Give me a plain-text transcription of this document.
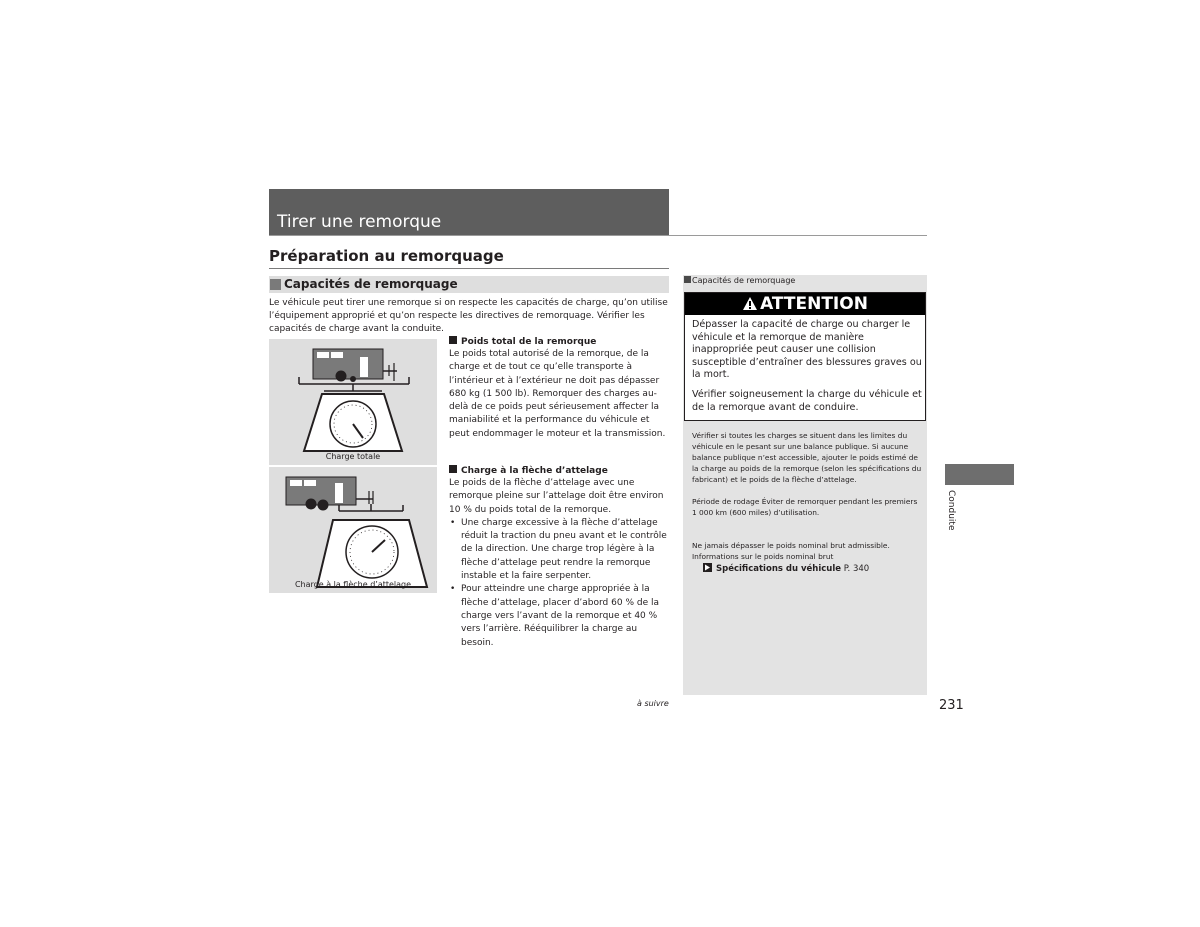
Tirer une remorque
Préparation au remorquage
Capacités de remorquage
Le véhicule peut tirer une remorque si on respecte les capacités de charge, qu’on utilise l’équipement approprié et qu’on respecte les directives de remorquage. Vérifier les capacités de charge avant la conduite.
Charge totale
Charge à la flèche d’attelage
Poids total de la remorque
Le poids total autorisé de la remorque, de la charge et de tout ce qu’elle transporte à l’intérieur et à l’extérieur ne doit pas dépasser 680 kg (1 500 lb). Remorquer des charges au-delà de ce poids peut sérieusement affecter la maniabilité et la performance du véhicule et peut endommager le moteur et la transmission.
Charge à la flèche d’attelage
Le poids de la flèche d’attelage avec une remorque pleine sur l’attelage doit être environ 10 % du poids total de la remorque.
• Une charge excessive à la flèche d’attelage réduit la traction du pneu avant et le contrôle de la direction. Une charge trop légère à la flèche d’attelage peut rendre la remorque instable et la faire serpenter.
• Pour atteindre une charge appropriée à la flèche d’attelage, placer d’abord 60 % de la charge vers l’avant de la remorque et 40 % vers l’arrière. Rééquilibrer la charge au besoin.
Capacités de remorquage
ATTENTION
Dépasser la capacité de charge ou charger le véhicule et la remorque de manière inappropriée peut causer une collision susceptible d’entraîner des blessures graves ou la mort.
Vérifier soigneusement la charge du véhicule et de la remorque avant de conduire.
Vérifier si toutes les charges se situent dans les limites du véhicule en le pesant sur une balance publique. Si aucune balance publique n’est accessible, ajouter le poids estimé de la charge au poids de la remorque (selon les spécifications du fabricant) et le poids de la flèche d’attelage.
Période de rodage Éviter de remorquer pendant les premiers 1 000 km (600 miles) d’utilisation.
Ne jamais dépasser le poids nominal brut admissible. Informations sur le poids nominal brut
Spécifications du véhicule P. 340
Conduite
à suivre	231
